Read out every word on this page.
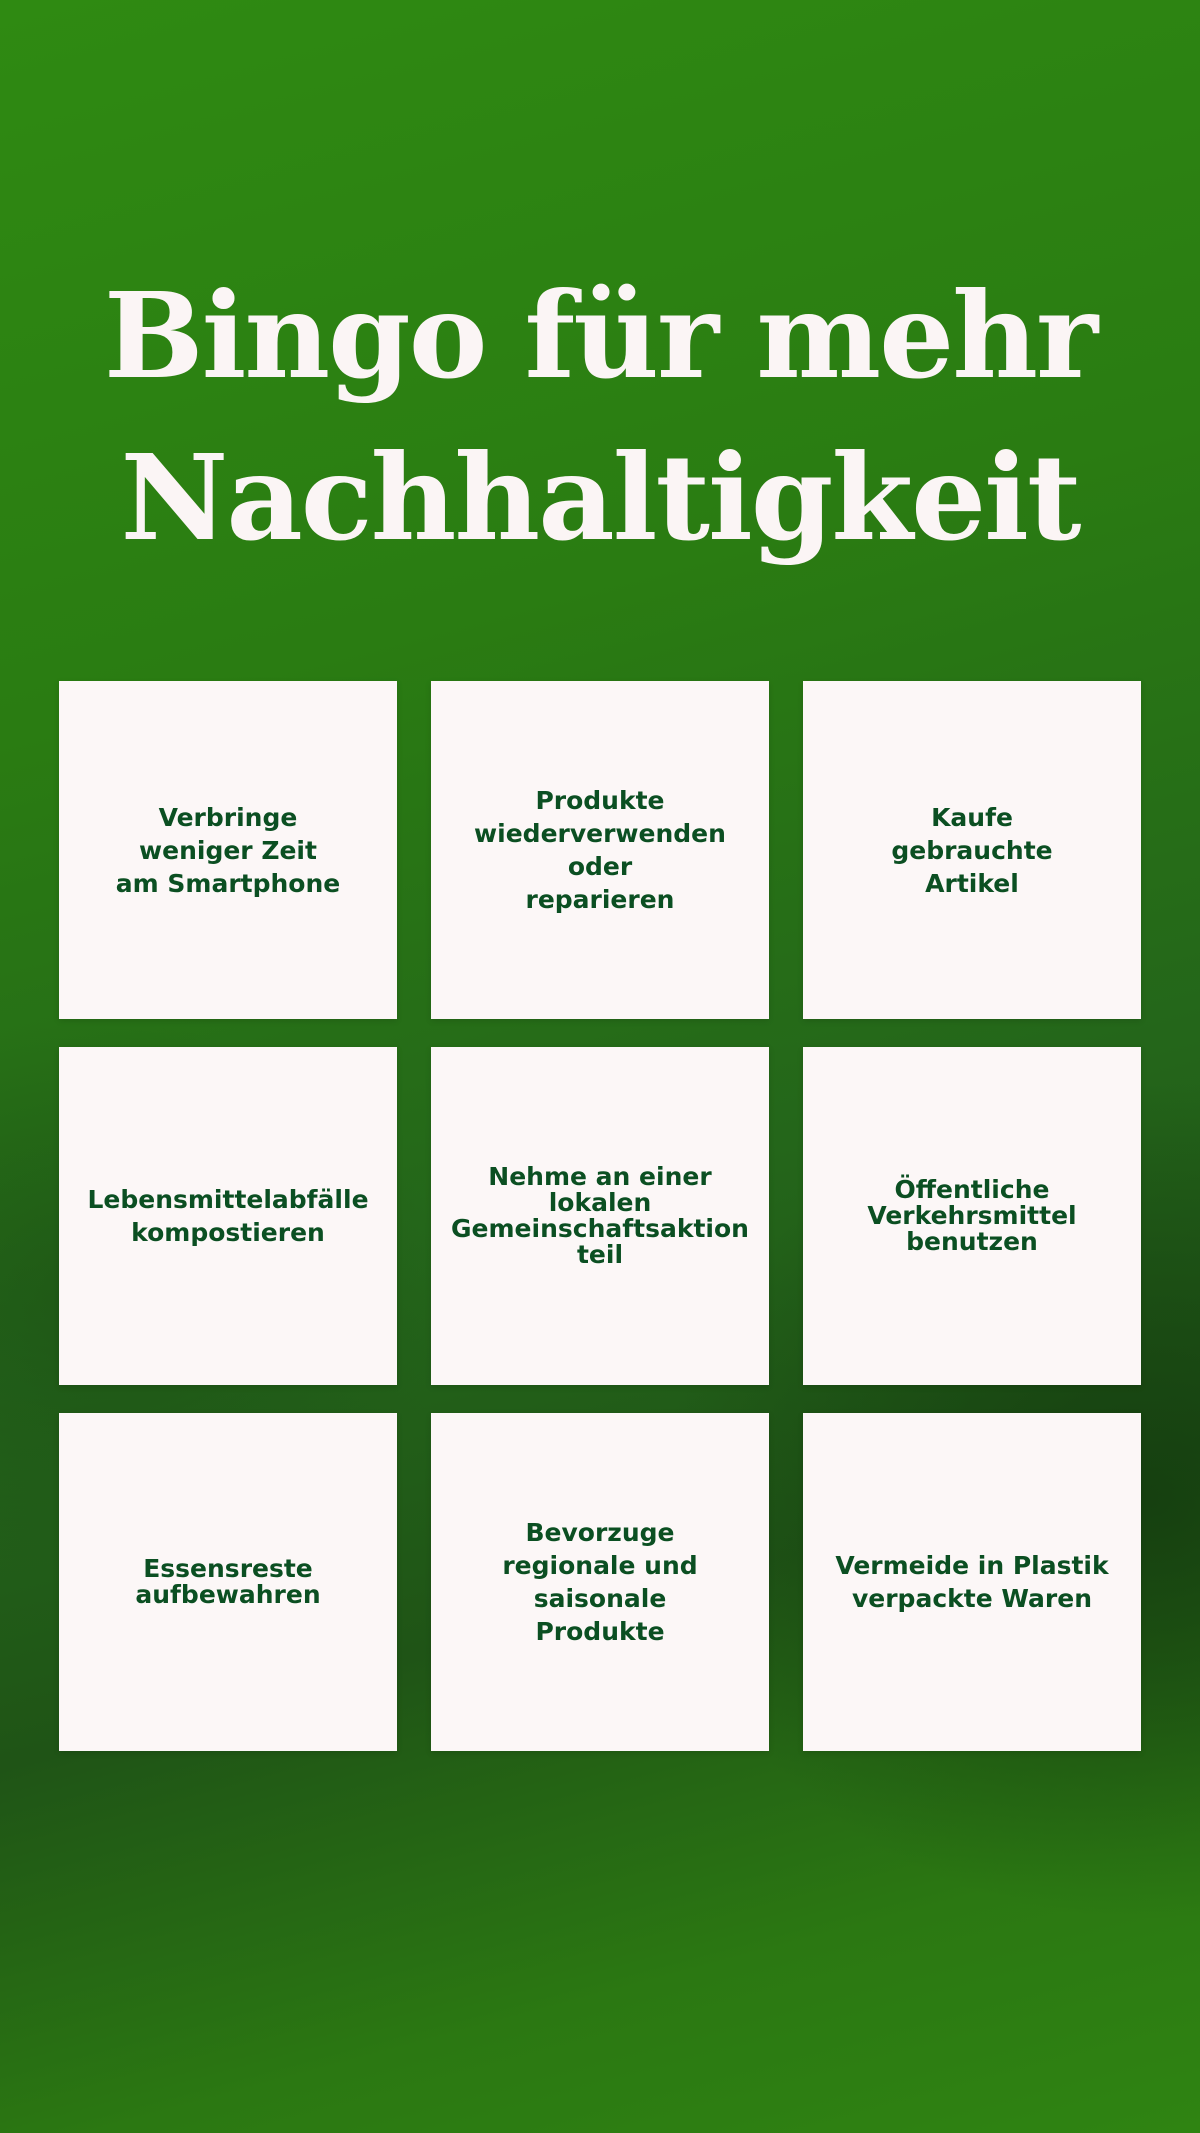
Bingo für mehr
Nachhaltigkeit
Verbringe
weniger Zeit
am Smartphone
Produkte
wiederverwenden
oder
reparieren
Kaufe
gebrauchte
Artikel
Lebensmittelabfälle
kompostieren
Nehme an einer
lokalen
Gemeinschaftsaktion
teil
Öffentliche
Verkehrsmittel
benutzen
Essensreste
aufbewahren
Bevorzuge
regionale und
saisonale
Produkte
Vermeide in Plastik
verpackte Waren
